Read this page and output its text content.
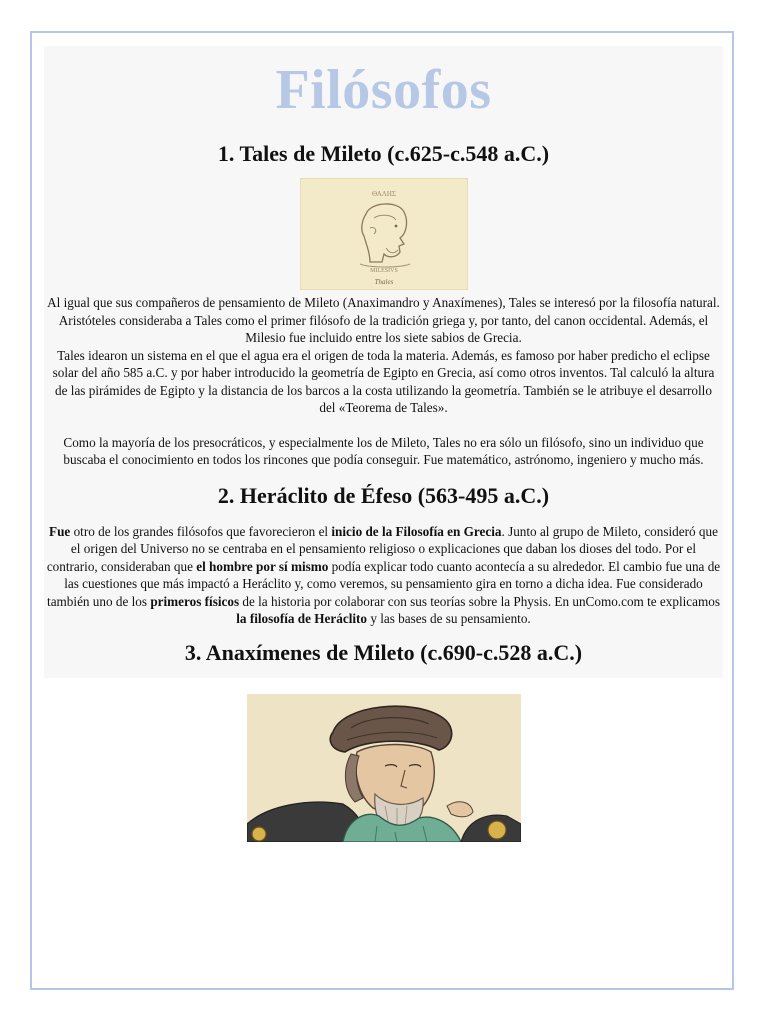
Filósofos
1. Tales de Mileto (c.625-c.548 a.C.)
ΘΑΛΗΣ
MILESIVS
Thales

Al igual que sus compañeros de pensamiento de Mileto (Anaximandro y Anaxímenes), Tales se interesó por la filosofía natural. Aristóteles consideraba a Tales como el primer filósofo de la tradición griega y, por tanto, del canon occidental. Además, el Milesio fue incluido entre los siete sabios de Grecia.

Tales idearon un sistema en el que el agua era el origen de toda la materia. Además, es famoso por haber predicho el eclipse solar del año 585 a.C. y por haber introducido la geometría de Egipto en Grecia, así como otros inventos. Tal calculó la altura de las pirámides de Egipto y la distancia de los barcos a la costa utilizando la geometría. También se le atribuye el desarrollo del «Teorema de Tales».

Como la mayoría de los presocráticos, y especialmente los de Mileto, Tales no era sólo un filósofo, sino un individuo que buscaba el conocimiento en todos los rincones que podía conseguir. Fue matemático, astrónomo, ingeniero y mucho más.

2. Heráclito de Éfeso (563-495 a.C.)

Fue otro de los grandes filósofos que favorecieron el inicio de la Filosofía en Grecia. Junto al grupo de Mileto, consideró que el origen del Universo no se centraba en el pensamiento religioso o explicaciones que daban los dioses del todo. Por el contrario, consideraban que el hombre por sí mismo podía explicar todo cuanto acontecía a su alrededor. El cambio fue una de las cuestiones que más impactó a Heráclito y, como veremos, su pensamiento gira en torno a dicha idea. Fue considerado también uno de los primeros físicos de la historia por colaborar con sus teorías sobre la Physis. En unComo.com te explicamos la filosofía de Heráclito y las bases de su pensamiento.

3. Anaxímenes de Mileto (c.690-c.528 a.C.)
